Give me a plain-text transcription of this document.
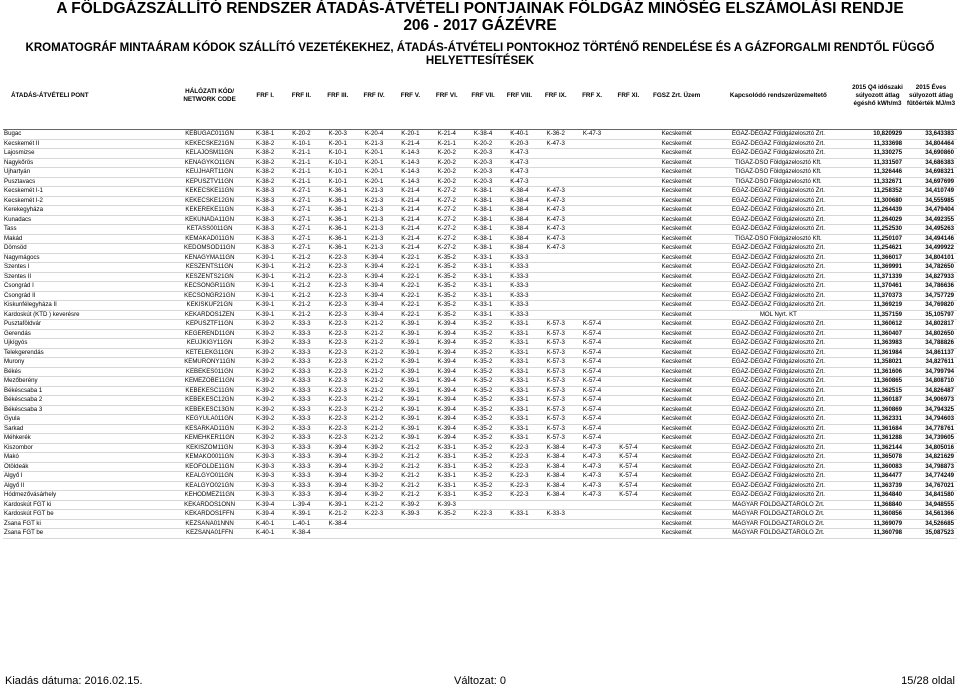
A FÖLDGÁZSZÁLLÍTÓ RENDSZER ÁTADÁS-ÁTVÉTELI PONTJAINAK FÖLDGÁZ MINŐSÉG ELSZÁMOLÁSI RENDJE
206 - 2017 GÁZÉVRE
KROMATOGRÁF MINTAÁRAM KÓDOK SZÁLLÍTÓ VEZETÉKEKHEZ, ÁTADÁS-ÁTVÉTELI PONTOKHOZ TÖRTÉNŐ RENDELÉSE ÉS A GÁZFORGALMI RENDTŐL FÜGGŐ HELYETTESÍTÉSEK
ÁTADÁS-ÁTVÉTELI PONT	HÁLÓZATI KÓD/ NETWORK CODE	FRF I.	FRF II.	FRF III.	FRF IV.	FRF V.	FRF VI.	FRF VII.	FRF VIII.	FRF IX.	FRF X.	FRF XI.	FGSZ Zrt. Üzem	Kapcsolódó rendszerüzemeltető	2015 Q4 időszaki súlyozott átlag égéshő kWh/m3	2015 Éves súlyozott átlag fűtőérték MJ/m3
Bugac	KEBUGAC011GN	K-38-1	K-20-2	K-20-3	K-20-4	K-20-1	K-21-4	K-38-4	K-40-1	K-36-2	K-47-3		Kecskemét	ÉGÁZ-DÉGÁZ Földgázelosztó Zrt.	10,820929	33,643383
Kecskemét II	KEKECSKE21GN	K-38-2	K-10-1	K-20-1	K-21-3	K-21-4	K-21-1	K-20-2	K-20-3	K-47-3			Kecskemét	ÉGÁZ-DÉGÁZ Földgázelosztó Zrt.	11,333698	34,804464
Lajosmizse	KELAJOSM11GN	K-38-2	K-21-1	K-10-1	K-20-1	K-14-3	K-20-2	K-20-3	K-47-3				Kecskemét	ÉGÁZ-DÉGÁZ Földgázelosztó Zrt.	11,330275	34,690860
Nagykőrös	KENAGYKO11GN	K-38-2	K-21-1	K-10-1	K-20-1	K-14-3	K-20-2	K-20-3	K-47-3				Kecskemét	TIGÁZ-DSO Földgázelosztó Kft.	11,331507	34,686383
Újhartyán	KEUJHART11GN	K-38-2	K-21-1	K-10-1	K-20-1	K-14-3	K-20-2	K-20-3	K-47-3				Kecskemét	TIGÁZ-DSO Földgázelosztó Kft.	11,326446	34,698321
Pusztavacs	KEPUSZTV11GN	K-38-2	K-21-1	K-10-1	K-20-1	K-14-3	K-20-2	K-20-3	K-47-3				Kecskemét	TIGÁZ-DSO Földgázelosztó Kft.	11,332671	34,697699
Kecskemét I-1	KEKECSKE11GN	K-38-3	K-27-1	K-36-1	K-21-3	K-21-4	K-27-2	K-38-1	K-38-4	K-47-3			Kecskemét	ÉGÁZ-DÉGÁZ Földgázelosztó Zrt.	11,258352	34,410749
Kecskemét I-2	KEKECSKE12GN	K-38-3	K-27-1	K-36-1	K-21-3	K-21-4	K-27-2	K-38-1	K-38-4	K-47-3			Kecskemét	ÉGÁZ-DÉGÁZ Földgázelosztó Zrt.	11,300680	34,555985
Kerekegyháza	KEKEREKE11GN	K-38-3	K-27-1	K-36-1	K-21-3	K-21-4	K-27-2	K-38-1	K-38-4	K-47-3			Kecskemét	ÉGÁZ-DÉGÁZ Földgázelosztó Zrt.	11,264439	34,479404
Kunadacs	KEKUNADA11GN	K-38-3	K-27-1	K-36-1	K-21-3	K-21-4	K-27-2	K-38-1	K-38-4	K-47-3			Kecskemét	ÉGÁZ-DÉGÁZ Földgázelosztó Zrt.	11,264029	34,492355
Tass	KETASS0011GN	K-38-3	K-27-1	K-36-1	K-21-3	K-21-4	K-27-2	K-38-1	K-38-4	K-47-3			Kecskemét	ÉGÁZ-DÉGÁZ Földgázelosztó Zrt.	11,252530	34,495263
Makád	KEMAKAD011GN	K-38-3	K-27-1	K-36-1	K-21-3	K-21-4	K-27-2	K-38-1	K-38-4	K-47-3			Kecskemét	TIGÁZ-DSO Földgázelosztó Kft.	11,250107	34,494146
Dömsöd	KEDOMSOD11GN	K-38-3	K-27-1	K-36-1	K-21-3	K-21-4	K-27-2	K-38-1	K-38-4	K-47-3			Kecskemét	ÉGÁZ-DÉGÁZ Földgázelosztó Zrt.	11,254621	34,499922
Nagymágocs	KENAGYMA11GN	K-39-1	K-21-2	K-22-3	K-39-4	K-22-1	K-35-2	K-33-1	K-33-3				Kecskemét	ÉGÁZ-DÉGÁZ Földgázelosztó Zrt.	11,366017	34,804101
Szentes I	KESZENTS11GN	K-39-1	K-21-2	K-22-3	K-39-4	K-22-1	K-35-2	K-33-1	K-33-3				Kecskemét	ÉGÁZ-DÉGÁZ Földgázelosztó Zrt.	11,369991	34,782650
Szentes II	KESZENTS21GN	K-39-1	K-21-2	K-22-3	K-39-4	K-22-1	K-35-2	K-33-1	K-33-3				Kecskemét	ÉGÁZ-DÉGÁZ Földgázelosztó Zrt.	11,371339	34,827933
Csongrád I	KECSONGR11GN	K-39-1	K-21-2	K-22-3	K-39-4	K-22-1	K-35-2	K-33-1	K-33-3				Kecskemét	ÉGÁZ-DÉGÁZ Földgázelosztó Zrt.	11,370461	34,786636
Csongrád II	KECSONGR21GN	K-39-1	K-21-2	K-22-3	K-39-4	K-22-1	K-35-2	K-33-1	K-33-3				Kecskemét	ÉGÁZ-DÉGÁZ Földgázelosztó Zrt.	11,370373	34,757729
Kiskunfélegyháza II	KEKISKUF21GN	K-39-1	K-21-2	K-22-3	K-39-4	K-22-1	K-35-2	K-33-1	K-33-3				Kecskemét	ÉGÁZ-DÉGÁZ Földgázelosztó Zrt.	11,369219	34,769820
Kardoskút (KTD ) keverésre	KEKARDOS1ZEN	K-39-1	K-21-2	K-22-3	K-39-4	K-22-1	K-35-2	K-33-1	K-33-3				Kecskemét	MOL Nyrt. KT	11,357159	35,105797
Pusztaföldvár	KEPUSZTF11GN	K-39-2	K-33-3	K-22-3	K-21-2	K-39-1	K-39-4	K-35-2	K-33-1	K-57-3	K-57-4		Kecskemét	ÉGÁZ-DÉGÁZ Földgázelosztó Zrt.	11,360612	34,802817
Gerendás	KEGEREND11GN	K-39-2	K-33-3	K-22-3	K-21-2	K-39-1	K-39-4	K-35-2	K-33-1	K-57-3	K-57-4		Kecskemét	ÉGÁZ-DÉGÁZ Földgázelosztó Zrt.	11,360407	34,802650
Újkígyós	KEUJKIGY11GN	K-39-2	K-33-3	K-22-3	K-21-2	K-39-1	K-39-4	K-35-2	K-33-1	K-57-3	K-57-4		Kecskemét	ÉGÁZ-DÉGÁZ Földgázelosztó Zrt.	11,363983	34,788826
Telekgerendás	KETELEKG11GN	K-39-2	K-33-3	K-22-3	K-21-2	K-39-1	K-39-4	K-35-2	K-33-1	K-57-3	K-57-4		Kecskemét	ÉGÁZ-DÉGÁZ Földgázelosztó Zrt.	11,361984	34,861137
Murony	KEMURONY11GN	K-39-2	K-33-3	K-22-3	K-21-2	K-39-1	K-39-4	K-35-2	K-33-1	K-57-3	K-57-4		Kecskemét	ÉGÁZ-DÉGÁZ Földgázelosztó Zrt.	11,358021	34,827611
Békés	KEBEKES011GN	K-39-2	K-33-3	K-22-3	K-21-2	K-39-1	K-39-4	K-35-2	K-33-1	K-57-3	K-57-4		Kecskemét	ÉGÁZ-DÉGÁZ Földgázelosztó Zrt.	11,361606	34,799794
Mezőberény	KEMEZOBE11GN	K-39-2	K-33-3	K-22-3	K-21-2	K-39-1	K-39-4	K-35-2	K-33-1	K-57-3	K-57-4		Kecskemét	ÉGÁZ-DÉGÁZ Földgázelosztó Zrt.	11,360865	34,808710
Békéscsaba 1	KEBEKESC11GN	K-39-2	K-33-3	K-22-3	K-21-2	K-39-1	K-39-4	K-35-2	K-33-1	K-57-3	K-57-4		Kecskemét	ÉGÁZ-DÉGÁZ Földgázelosztó Zrt.	11,362515	34,826487
Békéscsaba 2	KEBEKESC12GN	K-39-2	K-33-3	K-22-3	K-21-2	K-39-1	K-39-4	K-35-2	K-33-1	K-57-3	K-57-4		Kecskemét	ÉGÁZ-DÉGÁZ Földgázelosztó Zrt.	11,360187	34,906973
Békéscsaba 3	KEBEKESC13GN	K-39-2	K-33-3	K-22-3	K-21-2	K-39-1	K-39-4	K-35-2	K-33-1	K-57-3	K-57-4		Kecskemét	ÉGÁZ-DÉGÁZ Földgázelosztó Zrt.	11,360869	34,794325
Gyula	KEGYULA011GN	K-39-2	K-33-3	K-22-3	K-21-2	K-39-1	K-39-4	K-35-2	K-33-1	K-57-3	K-57-4		Kecskemét	ÉGÁZ-DÉGÁZ Földgázelosztó Zrt.	11,362331	34,794603
Sarkad	KESARKAD11GN	K-39-2	K-33-3	K-22-3	K-21-2	K-39-1	K-39-4	K-35-2	K-33-1	K-57-3	K-57-4		Kecskemét	ÉGÁZ-DÉGÁZ Földgázelosztó Zrt.	11,361684	34,778761
Méhkerék	KEMEHKER11GN	K-39-2	K-33-3	K-22-3	K-21-2	K-39-1	K-39-4	K-35-2	K-33-1	K-57-3	K-57-4		Kecskemét	ÉGÁZ-DÉGÁZ Földgázelosztó Zrt.	11,361288	34,739605
Kiszombor	KEKISZOM11GN	K-39-3	K-33-3	K-39-4	K-39-2	K-21-2	K-33-1	K-35-2	K-22-3	K-38-4	K-47-3	K-57-4	Kecskemét	ÉGÁZ-DÉGÁZ Földgázelosztó Zrt.	11,362144	34,805016
Makó	KEMAKO0011GN	K-39-3	K-33-3	K-39-4	K-39-2	K-21-2	K-33-1	K-35-2	K-22-3	K-38-4	K-47-3	K-57-4	Kecskemét	ÉGÁZ-DÉGÁZ Földgázelosztó Zrt.	11,365078	34,821629
Ötöldeák	KEOFOLDE11GN	K-39-3	K-33-3	K-39-4	K-39-2	K-21-2	K-33-1	K-35-2	K-22-3	K-38-4	K-47-3	K-57-4	Kecskemét	ÉGÁZ-DÉGÁZ Földgázelosztó Zrt.	11,360083	34,798873
Algyő I	KEALGYO011GN	K-39-3	K-33-3	K-39-4	K-39-2	K-21-2	K-33-1	K-35-2	K-22-3	K-38-4	K-47-3	K-57-4	Kecskemét	ÉGÁZ-DÉGÁZ Földgázelosztó Zrt.	11,364477	34,774249
Algyő II	KEALGYO021GN	K-39-3	K-33-3	K-39-4	K-39-2	K-21-2	K-33-1	K-35-2	K-22-3	K-38-4	K-47-3	K-57-4	Kecskemét	ÉGÁZ-DÉGÁZ Földgázelosztó Zrt.	11,363739	34,767021
Hódmezővásárhely	KEHODMEZ11GN	K-39-3	K-33-3	K-39-4	K-39-2	K-21-2	K-33-1	K-35-2	K-22-3	K-38-4	K-47-3	K-57-4	Kecskemét	ÉGÁZ-DÉGÁZ Földgázelosztó Zrt.	11,364840	34,841580
Kardoskút FGT ki	KEKARDOS1ONN	K-39-4	L-39-4	K-39-1	K-21-2	K-39-2	K-39-3						Kecskemét	MAGYAR FÖLDGÁZTÁROLÓ Zrt.	11,368840	34,948555
Kardoskút FGT be	KEKARDOS1FFN	K-39-4	K-39-1	K-21-2	K-22-3	K-39-3	K-35-2	K-22-3	K-33-1	K-33-3			Kecskemét	MAGYAR FÖLDGÁZTÁROLÓ Zrt.	11,360856	34,561366
Zsana FGT ki	KEZSANA01NNN	K-40-1	L-40-1	K-38-4									Kecskemét	MAGYAR FÖLDGÁZTÁROLÓ Zrt.	11,369079	34,526685
Zsana FGT be	KEZSANA01FFN	K-40-1	K-38-4										Kecskemét	MAGYAR FÖLDGÁZTÁROLÓ Zrt.	11,360798	35,087523
Kiadás dátuma: 2016.02.15.	Változat: 0	15/28 oldal
